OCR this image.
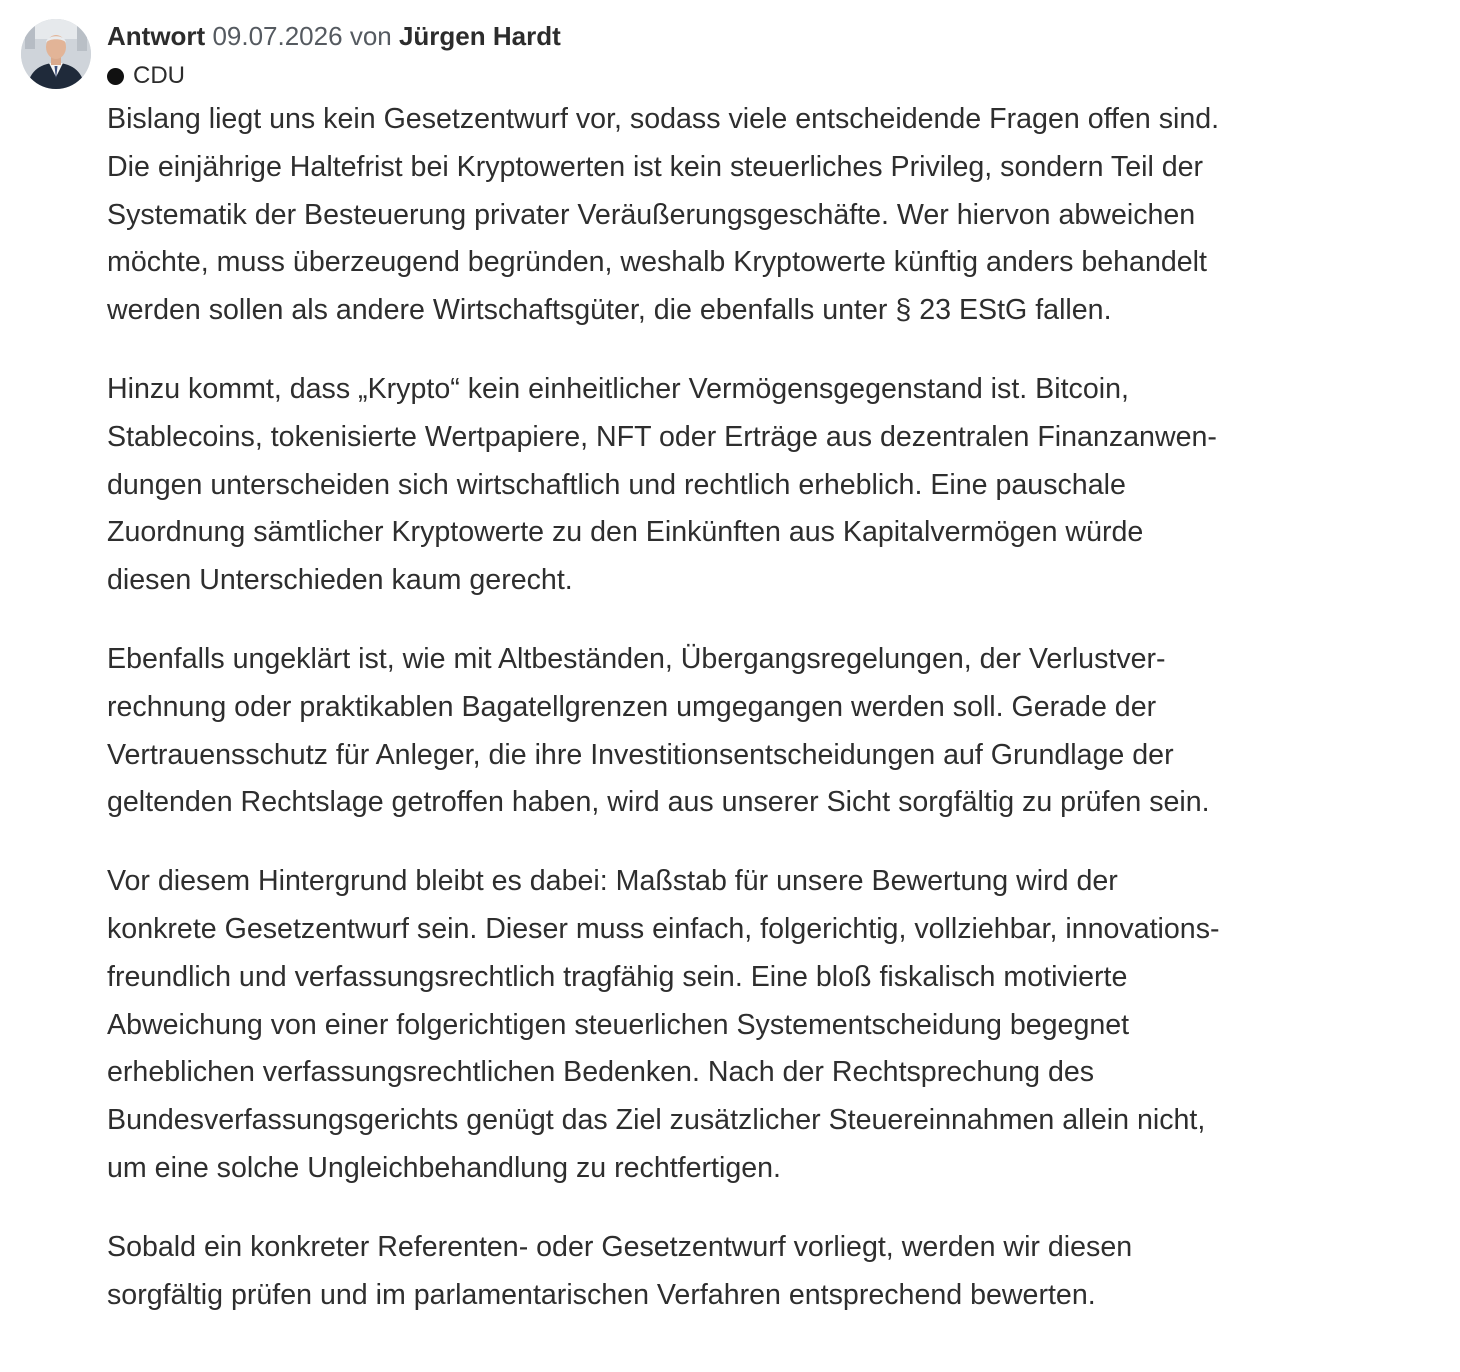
Antwort 09.07.2026 von Jürgen Hardt
CDU

Bislang liegt uns kein Gesetzentwurf vor, sodass viele entscheidende Fragen offen sind.
Die einjährige Haltefrist bei Kryptowerten ist kein steuerliches Privileg, sondern Teil der
Systematik der Besteuerung privater Veräußerungsgeschäfte. Wer hiervon abweichen
möchte, muss überzeugend begründen, weshalb Kryptowerte künftig anders behandelt
werden sollen als andere Wirtschaftsgüter, die ebenfalls unter § 23 EStG fallen.

Hinzu kommt, dass „Krypto“ kein einheitlicher Vermögensgegenstand ist. Bitcoin,
Stablecoins, tokenisierte Wertpapiere, NFT oder Erträge aus dezentralen Finanzanwen-
dungen unterscheiden sich wirtschaftlich und rechtlich erheblich. Eine pauschale
Zuordnung sämtlicher Kryptowerte zu den Einkünften aus Kapitalvermögen würde
diesen Unterschieden kaum gerecht.

Ebenfalls ungeklärt ist, wie mit Altbeständen, Übergangsregelungen, der Verlustver-
rechnung oder praktikablen Bagatellgrenzen umgegangen werden soll. Gerade der
Vertrauensschutz für Anleger, die ihre Investitionsentscheidungen auf Grundlage der
geltenden Rechtslage getroffen haben, wird aus unserer Sicht sorgfältig zu prüfen sein.

Vor diesem Hintergrund bleibt es dabei: Maßstab für unsere Bewertung wird der
konkrete Gesetzentwurf sein. Dieser muss einfach, folgerichtig, vollziehbar, innovations-
freundlich und verfassungsrechtlich tragfähig sein. Eine bloß fiskalisch motivierte
Abweichung von einer folgerichtigen steuerlichen Systementscheidung begegnet
erheblichen verfassungsrechtlichen Bedenken. Nach der Rechtsprechung des
Bundesverfassungsgerichts genügt das Ziel zusätzlicher Steuereinnahmen allein nicht,
um eine solche Ungleichbehandlung zu rechtfertigen.

Sobald ein konkreter Referenten- oder Gesetzentwurf vorliegt, werden wir diesen
sorgfältig prüfen und im parlamentarischen Verfahren entsprechend bewerten.
